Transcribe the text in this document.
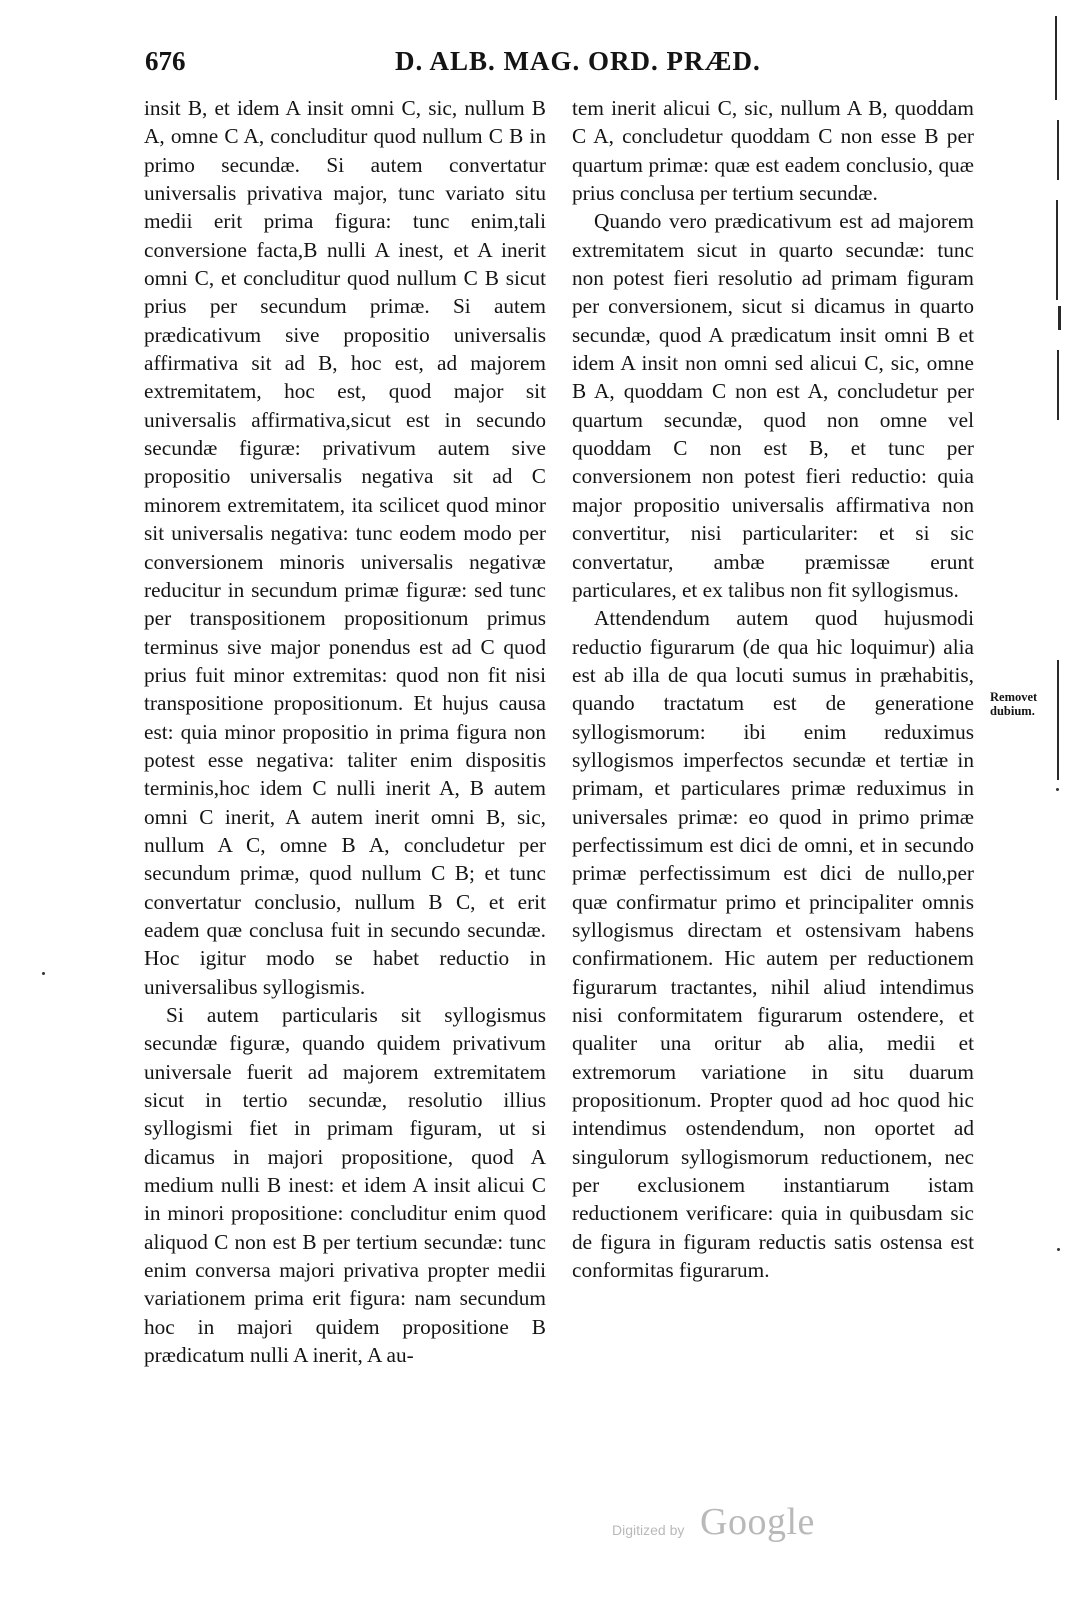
676	D. ALB. MAG. ORD. PRÆD.

insit B, et idem A insit omni C, sic, nullum B A, omne C A, concluditur quod nullum C B in primo secundæ. Si autem convertatur universalis privativa major, tunc variato situ medii erit prima figura: tunc enim,tali conversione facta,B nulli A inest, et A inerit omni C, et concluditur quod nullum C B sicut prius per secundum primæ. Si autem prædicativum sive propositio universalis affirmativa sit ad B, hoc est, ad majorem extremitatem, hoc est, quod major sit universalis affirmativa,sicut est in secundo secundæ figuræ: privativum autem sive propositio universalis negativa sit ad C minorem extremitatem, ita scilicet quod minor sit universalis negativa: tunc eodem modo per conversionem minoris universalis negativæ reducitur in secundum primæ figuræ: sed tunc per transpositionem propositionum primus terminus sive major ponendus est ad C quod prius fuit minor extremitas: quod non fit nisi transpositione propositionum. Et hujus causa est: quia minor propositio in prima figura non potest esse negativa: taliter enim dispositis terminis,hoc idem C nulli inerit A, B autem omni C inerit, A autem inerit omni B, sic, nullum A C, omne B A, concludetur per secundum primæ, quod nullum C B; et tunc convertatur conclusio, nullum B C, et erit eadem quæ conclusa fuit in secundo secundæ. Hoc igitur modo se habet reductio in universalibus syllogismis.

Si autem particularis sit syllogismus secundæ figuræ, quando quidem privativum universale fuerit ad majorem extremitatem sicut in tertio secundæ, resolutio illius syllogismi fiet in primam figuram, ut si dicamus in majori propositione, quod A medium nulli B inest: et idem A insit alicui C in minori propositione: concluditur enim quod aliquod C non est B per tertium secundæ: tunc enim conversa majori privativa propter medii variationem prima erit figura: nam secundum hoc in majori quidem propositione B prædicatum nulli A inerit, A au-

tem inerit alicui C, sic, nullum A B, quoddam C A, concludetur quoddam C non esse B per quartum primæ: quæ est eadem conclusio, quæ prius conclusa per tertium secundæ.

Quando vero prædicativum est ad majorem extremitatem sicut in quarto secundæ: tunc non potest fieri resolutio ad primam figuram per conversionem, sicut si dicamus in quarto secundæ, quod A prædicatum insit omni B et idem A insit non omni sed alicui C, sic, omne B A, quoddam C non est A, concludetur per quartum secundæ, quod non omne vel quoddam C non est B, et tunc per conversionem non potest fieri reductio: quia major propositio universalis affirmativa non convertitur, nisi particulariter: et si sic convertatur, ambæ præmissæ erunt particulares, et ex talibus non fit syllogismus.

Attendendum autem quod hujusmodi reductio figurarum (de qua hic loquimur) alia est ab illa de qua locuti sumus in præhabitis, quando tractatum est de generatione syllogismorum: ibi enim reduximus syllogismos imperfectos secundæ et tertiæ in primam, et particulares primæ reduximus in universales primæ: eo quod in primo primæ perfectissimum est dici de omni, et in secundo primæ perfectissimum est dici de nullo,per quæ confirmatur primo et principaliter omnis syllogismus directam et ostensivam habens confirmationem. Hic autem per reductionem figurarum tractantes, nihil aliud intendimus nisi conformitatem figurarum ostendere, et qualiter una oritur ab alia, medii et extremorum variatione in situ duarum propositionum. Propter quod ad hoc quod hic intendimus ostendendum, non oportet ad singulorum syllogismorum reductionem, nec per exclusionem instantiarum istam reductionem verificare: quia in quibusdam sic de figura in figuram reductis satis ostensa est conformitas figurarum.

Removet
dubium.
Digitized by Google
